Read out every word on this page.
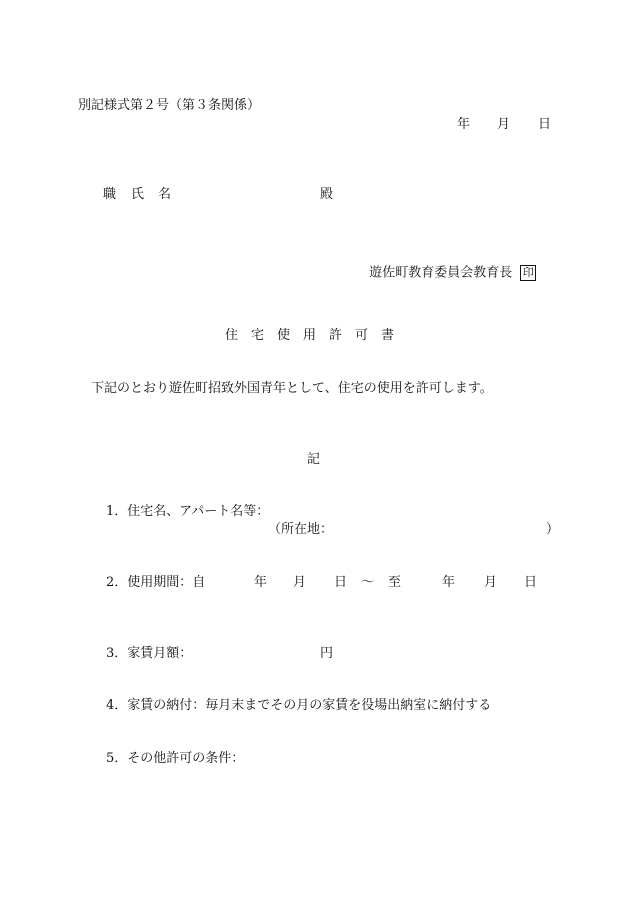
別記様式第２号（第３条関係）
年 月 日
職 氏 名	殿

遊佐町教育委員会教育長 印

住　宅　使　用　許　可　書
下記のとおり遊佐町招致外国青年として、住宅の使用を許可します。
記
1．住宅名、アパート名等：
（所在地：	）
2．使用期間：自	年 月 日 ～ 至	年 月 日
3．家賃月額：	円
4．家賃の納付：毎月末までその月の家賃を役場出納室に納付する
5．その他許可の条件：
